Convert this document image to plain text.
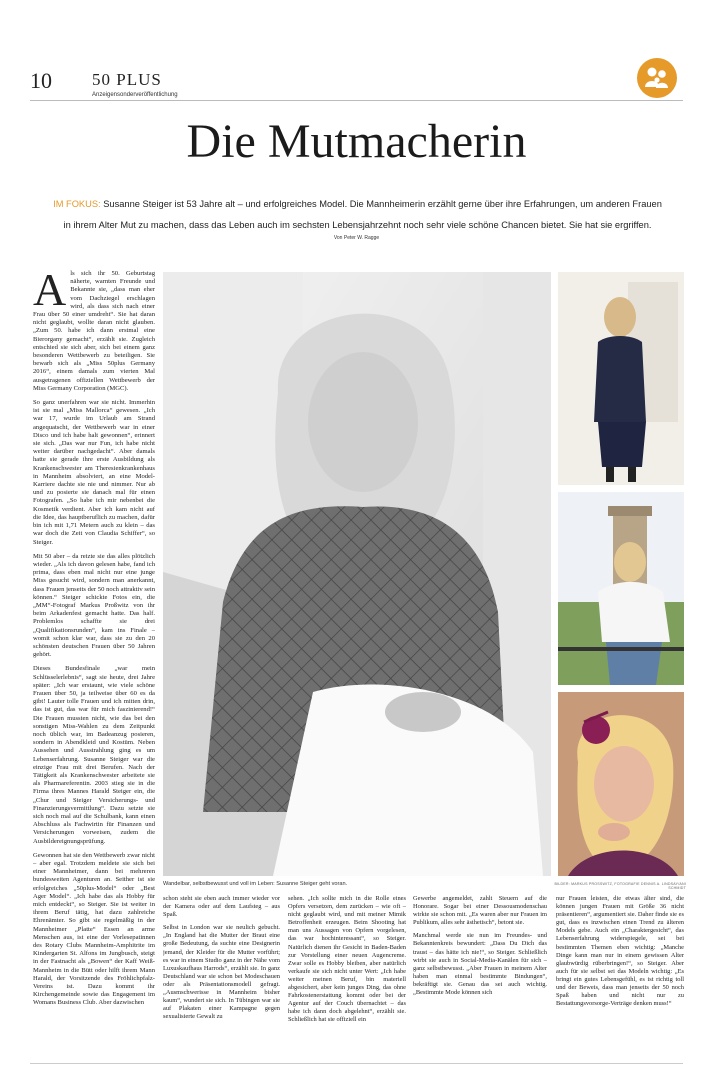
10 50 PLUS
Anzeigensonderveröffentlichung
Die Mutmacherin
IM FOKUS: Susanne Steiger ist 53 Jahre alt – und erfolgreiches Model. Die Mannheimerin erzählt gerne über ihre Erfahrungen, um anderen Frauen in ihrem Alter Mut zu machen, dass das Leben auch im sechsten Lebensjahrzehnt noch sehr viele schöne Chancen bietet. Sie hat sie ergriffen.
Von Peter W. Ragge

Als sich ihr 50. Geburtstag näherte, warnten Freunde und Bekannte sie, „dass man eher vom Dachziegel erschlagen wird, als dass sich nach einer Frau über 50 einer umdreht“. Sie hat daran nicht geglaubt, wollte daran nicht glauben. „Zum 50. habe ich dann erstmal eine Bierorgany gemacht“, erzählt sie. Zugleich entschied sie sich aber, sich bei einem ganz besonderen Wettbewerb zu beteiligen. Sie bewarb sich als „Miss 50plus Germany 2016“, einem damals zum vierten Mal ausgetragenen offiziellen Wettbewerb der Miss Germany Corporation (MGC).

So ganz unerfahren war sie nicht. Immerhin ist sie mal „Miss Mallorca“ gewesen. „Ich war 17, wurde im Urlaub am Strand angequatscht, der Wettbewerb war in einer Disco und ich habe halt gewonnen“, erinnert sie sich. „Das war nur Fun, ich habe nicht weiter darüber nachgedacht“. Aber damals hatte sie gerade ihre erste Ausbildung als Krankenschwester am Theresienkrankenhaus in Mannheim absolviert, an eine Model-Karriere dachte sie nie und nimmer. Nur ab und zu posierte sie danach mal für einen Fotografen. „So habe ich mir nebenbei die Kosmetik verdient. Aber ich kam nicht auf die Idee, das hauptberuflich zu machen, dafür bin ich mit 1,71 Metern auch zu klein – das war doch die Zeit von Claudia Schiffer“, so Steiger.

Mit 50 aber – da reizte sie das alles plötzlich wieder. „Als ich davon gelesen habe, fand ich prima, dass eben mal nicht nur eine junge Miss gesucht wird, sondern man anerkannt, dass Frauen jenseits der 50 noch attraktiv sein können.“ Steiger schickte Fotos ein, die „MM“-Fotograf Markus Proßwitz von ihr beim Arkadenfest gemacht hatte. Das half. Problemlos schaffte sie drei „Qualifikationsrunden“, kam ins Finale – womit schon klar war, dass sie zu den 20 schönsten deutschen Frauen über 50 Jahren gehört.

Dieses Bundesfinale „war mein Schlüsselerlebnis“, sagt sie heute, drei Jahre später: „Ich war erstaunt, wie viele schöne Frauen über 50, ja teilweise über 60 es da gibt! Lauter tolle Frauen und ich mitten drin, das ist gut, das war für mich faszinierend!“ Die Frauen mussten nicht, wie das bei den sonstigen Miss-Wahlen zu dem Zeitpunkt noch üblich war, im Badeanzug posieren, sondern in Abendkleid und Kostüm. Neben Aussehen und Ausstrahlung ging es um Lebenserfahrung. Susanne Steiger war die einzige Frau mit drei Berufen. Nach der Tätigkeit als Krankenschwester arbeitete sie als Pharmareferentin. 2003 stieg sie in die Firma ihres Mannes Harald Steiger ein, die „Chur und Steiger Versicherungs- und Finanzierungsvermittlung“. Dazu setzte sie sich noch mal auf die Schulbank, kann einen Abschluss als Fachwirtin für Finanzen und Versicherungen vorweisen, zudem die Ausbildereignungsprüfung.

Gewonnen hat sie den Wettbewerb zwar nicht – aber egal. Trotzdem meldete sie sich bei einer Mannheimer, dann bei mehreren bundesweiten Agenturen an. Seither ist sie erfolgreiches „50plus-Model“ oder „Best Ager Model“. „Ich habe das als Hobby für mich entdeckt“, so Steiger. Sie ist weiter in ihrem Beruf tätig, hat dazu zahlreiche Ehrenämter. So gibt sie regelmäßig in der Mannheimer „Platte“ Essen an arme Menschen aus, ist eine der Vorlesepatinnen des Rotary Clubs Mannheim-Amphitrite im Kindergarten St. Alfons im Jungbusch, steigt in der Fastnacht als „Bowen“ der Kaff Weiß-Mannheim in die Bütt oder hilft ihrem Mann Harald, der Vorsitzende des Fröhlichpfalz-Vereins ist. Dazu kommt ihr Kirchengemeinde sowie das Engagement im Womans Business Club. Aber dazwischen

Wandelbar, selbstbewusst und voll im Leben: Susanne Steiger geht voran.	BILDER: MARKUS PROSSWITZ, FOTOGRAFIE DENNIS A. LINDSAY/ANI SCHMIDT

schon steht sie eben auch immer wieder vor der Kamera oder auf dem Laufsteg – aus Spaß.

Selbst in London war sie neulich gebucht. „In England hat die Mutter der Braut eine große Bedeutung, da suchte eine Designerin jemand, der Kleider für die Mutter vorführt; es war in einem Studio ganz in der Nähe vom Luxuskaufhaus Harrods“, erzählt sie. In ganz Deutschland war sie schon bei Modeschauen oder als Präsentationsmodell gefragt. „Ausmschwerisse in Mannheim bisher kaum“, wundert sie sich. In Tübingen war sie auf Plakaten einer Kampagne gegen sexualisierte Gewalt zu

sehen. „Ich sollte mich in die Rolle eines Opfers versetzen, dem zurücken – wie oft – nicht geglaubt wird, und mit meiner Mimik Betroffenheit erzeugen. Beim Shooting hat man uns Aussagen von Opfern vorgelesen, das war hochinteressant“, so Steiger. Natürlich dienen ihr Gesicht in Baden-Baden zur Vorstellung einer neuen Augencreme. Zwar solle es Hobby bleiben, aber natürlich verkaufe sie sich nicht unter Wert: „Ich habe weiter meinen Beruf, bin materiell abgesichert, aber kein junges Ding, das ohne Fahrkostenerstattung kommt oder bei der Agentur auf der Couch übernachtet – das habe ich dann doch abgelehnt“, erzählt sie. Schließlich hat sie offiziell ein

Gewerbe angemeldet, zahlt Steuern auf die Honorare. Sogar bei einer Dessousmodenschau wirkte sie schon mit. „Es waren aber nur Frauen im Publikum, alles sehr ästhetisch“, betont sie.

Manchmal werde sie nun im Freundes- und Bekanntenkreis bewundert: „Dass Du Dich das traust – das hätte ich nie!“, so Steiger. Schließlich wirbt sie auch in Social-Media-Kanälen für sich – ganz selbstbewusst. „Aber Frauen in meinem Alter haben man einmal bestimmte Bindungen“, bekräftigt sie. Genau das sei auch wichtig. „Bestimmte Mode können sich

nur Frauen leisten, die etwas älter sind, die können jungen Frauen mit Größe 36 nicht präsentieren“, argumentiert sie. Daher finde sie es gut, dass es inzwischen einen Trend zu älteren Models gebe. Auch ein „Charaktergesicht“, das Lebenserfahrung widerspiegele, sei bei bestimmten Themen eben wichtig: „Manche Dinge kann man nur in einem gewissen Alter glaubwürdig rüberbringen!“, so Steiger. Aber auch für sie selbst sei das Modeln wichtig: „Es bringt ein gutes Lebensgefühl, es ist richtig toll und der Beweis, dass man jenseits der 50 noch Spaß haben und nicht nur zu Bestattungsvorsorge-Verträge denken muss!“
